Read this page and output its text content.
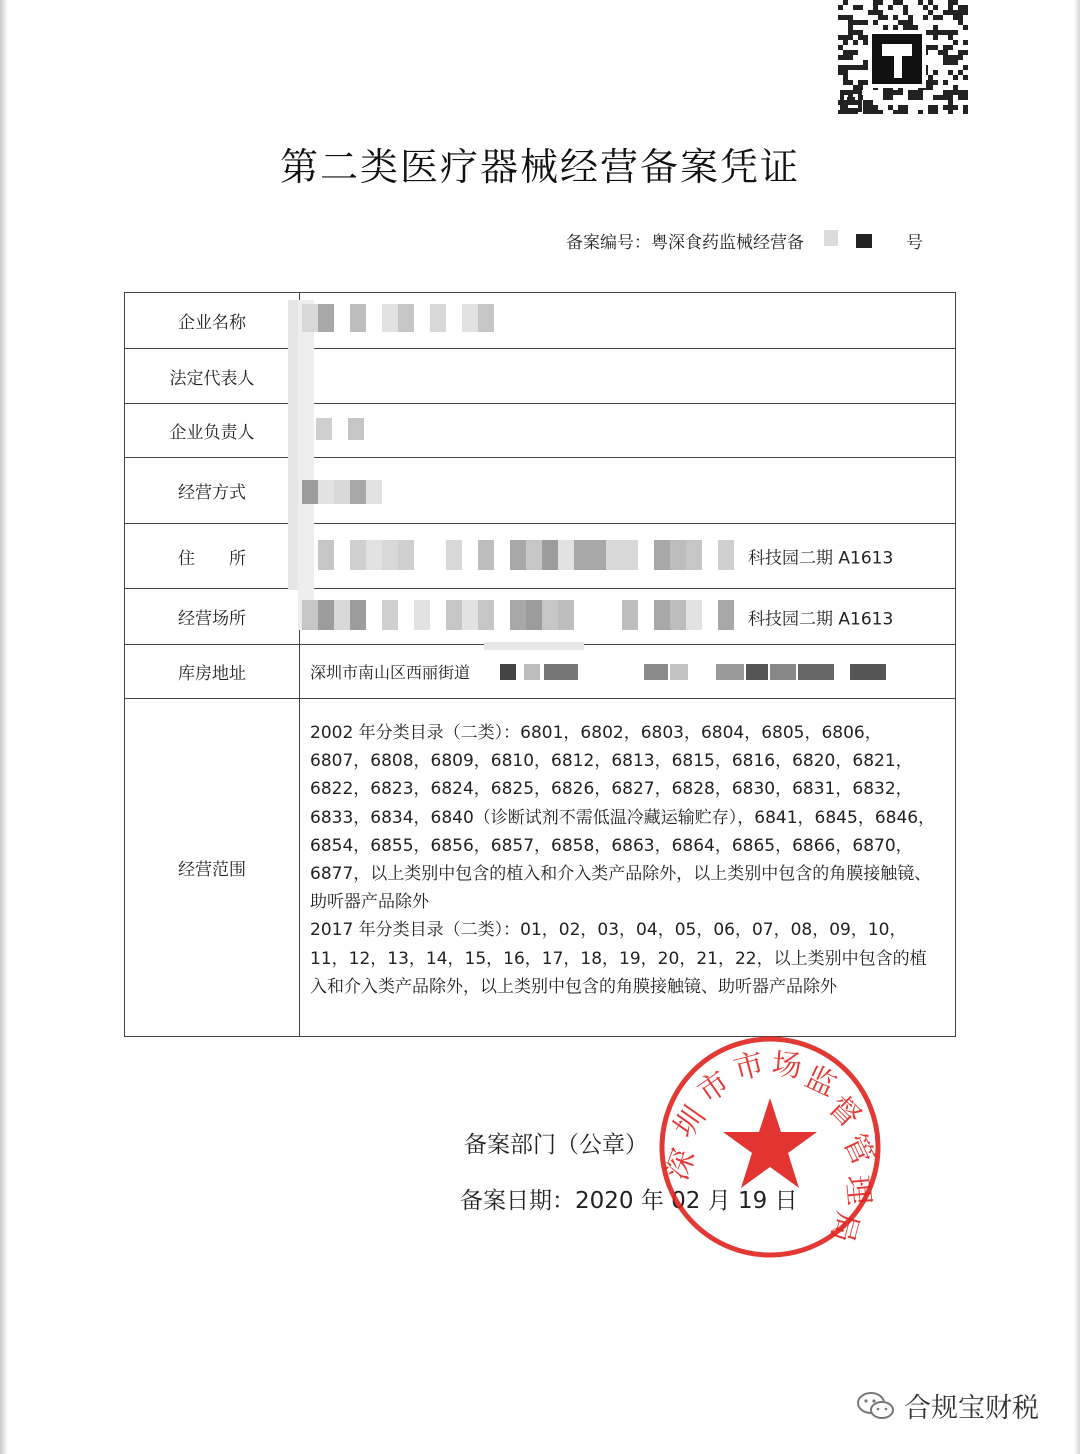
第二类医疗器械经营备案凭证
备案编号：粤深食药监械经营备	号
企业名称	
法定代表人	
企业负责人	
经营方式	
住　　所	科技园二期 A1613

经营场所	科技园二期 A1613

库房地址	深圳市南山区西丽街道
经营范围	2002 年分类目录（二类）：6801，6802，6803，6804，6805，6806，6807，6808，6809，6810，6812，6813，6815，6816，6820，6821，6822，6823，6824，6825，6826，6827，6828，6830，6831，6832，6833，6834，6840（诊断试剂不需低温冷藏运输贮存），6841，6845，6846，6854，6855，6856，6857，6858，6863，6864，6865，6866，6870，6877，以上类别中包含的植入和介入类产品除外，以上类别中包含的角膜接触镜、助听器产品除外

2017 年分类目录（二类）：01，02，03，04，05，06，07，08，09，10，11，12，13，14，15，16，17，18，19，20，21，22，以上类别中包含的植入和介入类产品除外，以上类别中包含的角膜接触镜、助听器产品除外

备案部门（公章）
备案日期：2020 年 02 月 19 日
深
圳
市
市 场
监
督
管
理
局
合规宝财税
